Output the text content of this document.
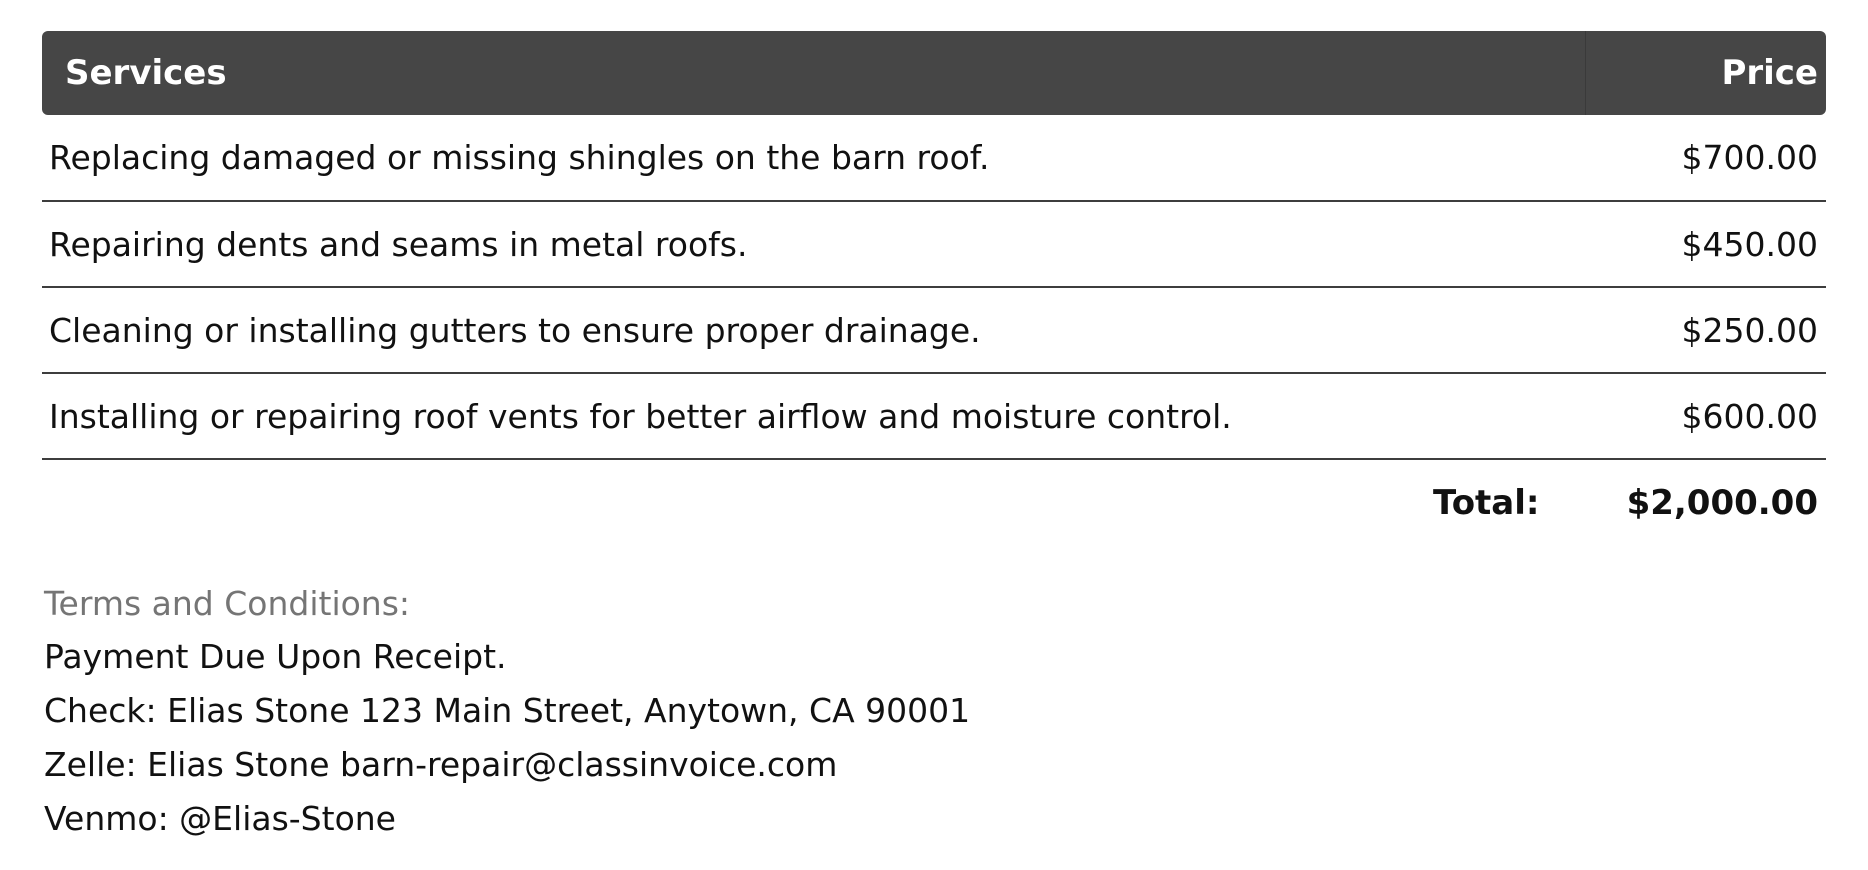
Services	Price
Replacing damaged or missing shingles on the barn roof.	$700.00
Repairing dents and seams in metal roofs.	$450.00
Cleaning or installing gutters to ensure proper drainage.	$250.00
Installing or repairing roof vents for better airflow and moisture control.	$600.00
Total:	$2,000.00

Terms and Conditions:

Payment Due Upon Receipt.

Check: Elias Stone 123 Main Street, Anytown, CA 90001

Zelle: Elias Stone barn-repair@classinvoice.com

Venmo: @Elias-Stone
